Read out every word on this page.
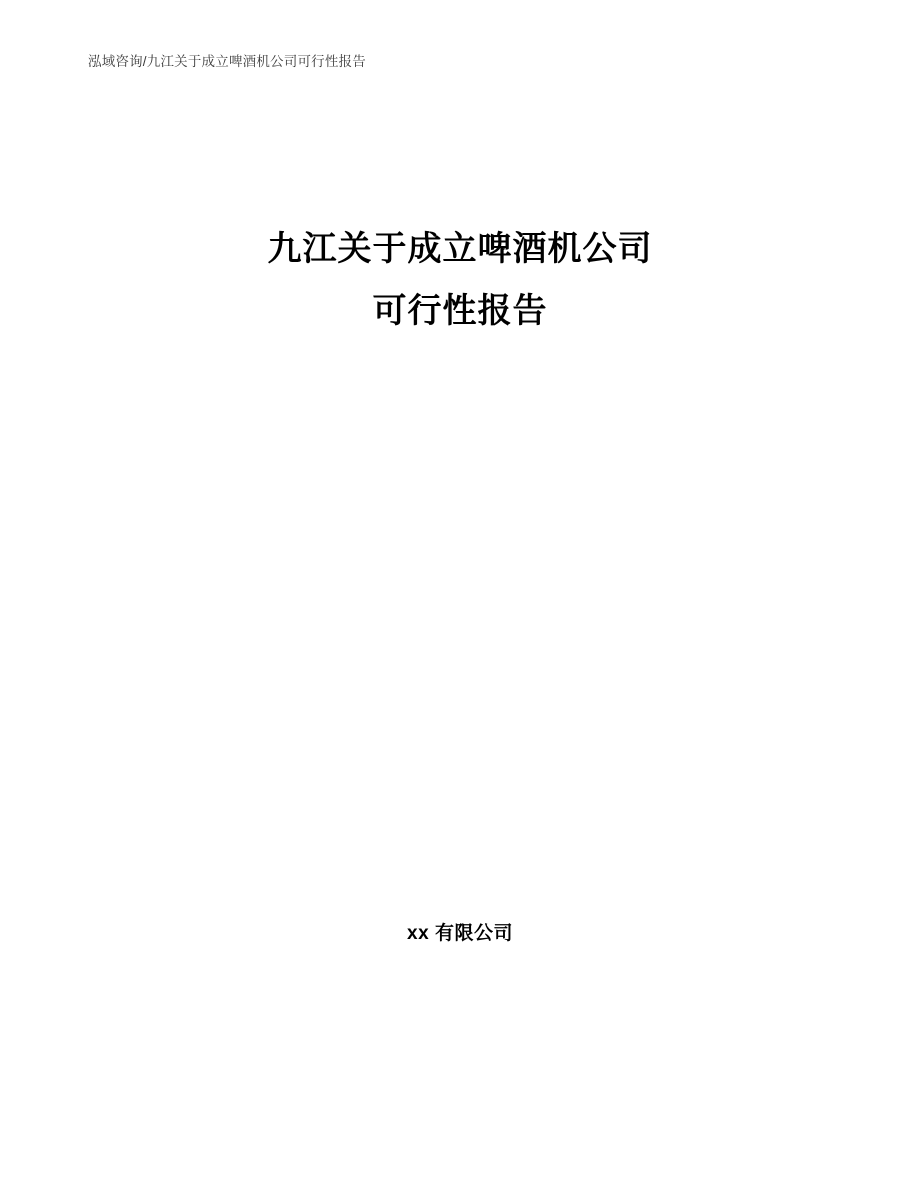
泓域咨询/九江关于成立啤酒机公司可行性报告
九江关于成立啤酒机公司
可行性报告
xx 有限公司
